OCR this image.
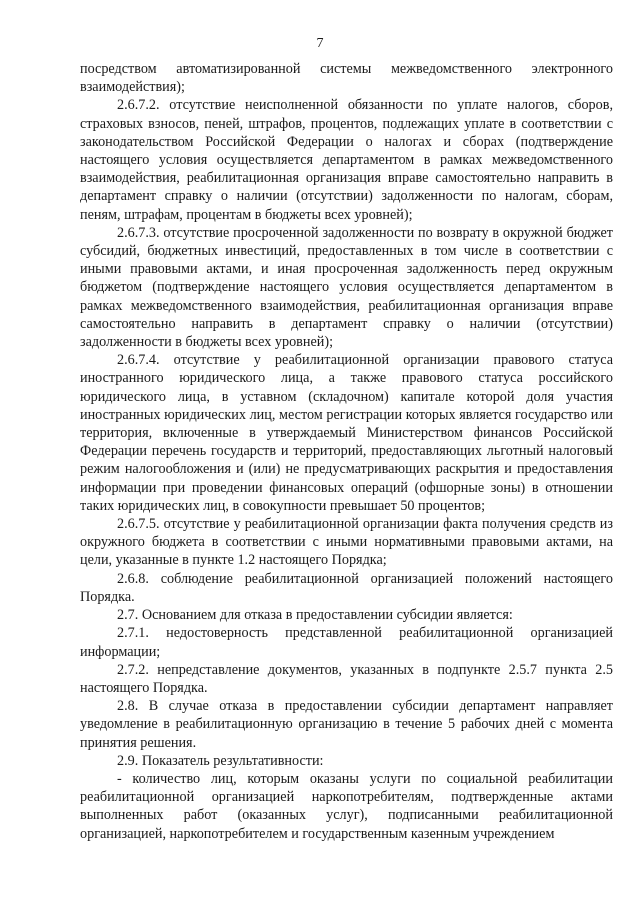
7

посредством автоматизированной системы межведомственного электронного взаимодействия);

2.6.7.2. отсутствие неисполненной обязанности по уплате налогов, сборов, страховых взносов, пеней, штрафов, процентов, подлежащих уплате в соответствии с законодательством Российской Федерации о налогах и сборах (подтверждение настоящего условия осуществляется департаментом в рамках межведомственного взаимодействия, реабилитационная организация вправе самостоятельно направить в департамент справку о наличии (отсутствии) задолженности по налогам, сборам, пеням, штрафам, процентам в бюджеты всех уровней);

2.6.7.3. отсутствие просроченной задолженности по возврату в окружной бюджет субсидий, бюджетных инвестиций, предоставленных в том числе в соответствии с иными правовыми актами, и иная просроченная задолженность перед окружным бюджетом (подтверждение настоящего условия осуществляется департаментом в рамках межведомственного взаимодействия, реабилитационная организация вправе самостоятельно направить в департамент справку о наличии (отсутствии) задолженности в бюджеты всех уровней);

2.6.7.4. отсутствие у реабилитационной организации правового статуса иностранного юридического лица, а также правового статуса российского юридического лица, в уставном (складочном) капитале которой доля участия иностранных юридических лиц, местом регистрации которых является государство или территория, включенные в утверждаемый Министерством финансов Российской Федерации перечень государств и территорий, предоставляющих льготный налоговый режим налогообложения и (или) не предусматривающих раскрытия и предоставления информации при проведении финансовых операций (офшорные зоны) в отношении таких юридических лиц, в совокупности превышает 50 процентов;

2.6.7.5. отсутствие у реабилитационной организации факта получения средств из окружного бюджета в соответствии с иными нормативными правовыми актами, на цели, указанные в пункте 1.2 настоящего Порядка;

2.6.8. соблюдение реабилитационной организацией положений настоящего Порядка.

2.7. Основанием для отказа в предоставлении субсидии является:

2.7.1. недостоверность представленной реабилитационной организацией информации;

2.7.2. непредставление документов, указанных в подпункте 2.5.7 пункта 2.5 настоящего Порядка.

2.8. В случае отказа в предоставлении субсидии департамент направляет уведомление в реабилитационную организацию в течение 5 рабочих дней с момента принятия решения.

2.9. Показатель результативности:

- количество лиц, которым оказаны услуги по социальной реабилитации реабилитационной организацией наркопотребителям, подтвержденные актами выполненных работ (оказанных услуг), подписанными реабилитационной организацией, наркопотребителем и государственным казенным учреждением
